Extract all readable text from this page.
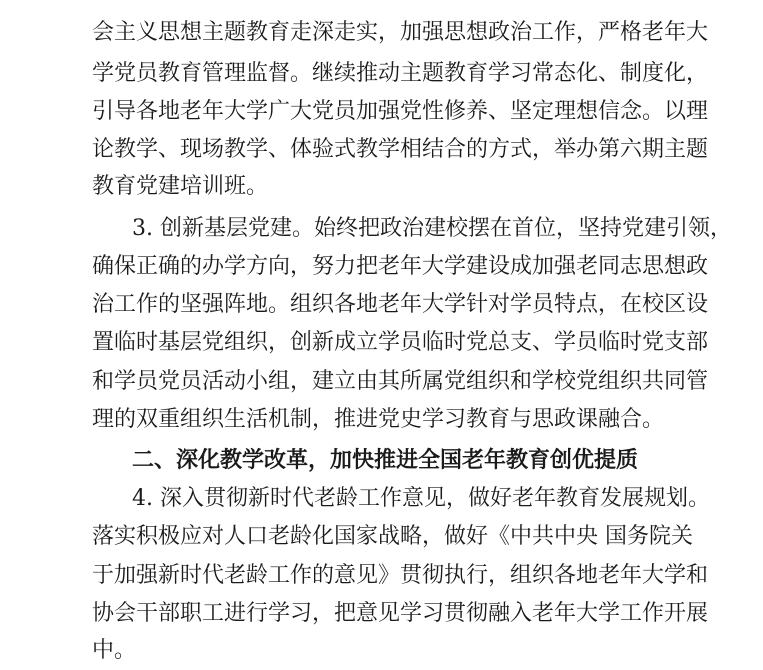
会主义思想主题教育走深走实，加强思想政治工作，严格老年大
学党员教育管理监督。继续推动主题教育学习常态化、制度化，
引导各地老年大学广大党员加强党性修养、坚定理想信念。以理
论教学、现场教学、体验式教学相结合的方式，举办第六期主题
教育党建培训班。
3. 创新基层党建。始终把政治建校摆在首位，坚持党建引领，
确保正确的办学方向，努力把老年大学建设成加强老同志思想政
治工作的坚强阵地。组织各地老年大学针对学员特点，在校区设
置临时基层党组织，创新成立学员临时党总支、学员临时党支部
和学员党员活动小组，建立由其所属党组织和学校党组织共同管
理的双重组织生活机制，推进党史学习教育与思政课融合。
二、深化教学改革，加快推进全国老年教育创优提质
4. 深入贯彻新时代老龄工作意见，做好老年教育发展规划。
落实积极应对人口老龄化国家战略，做好《中共中央 国务院关
于加强新时代老龄工作的意见》贯彻执行，组织各地老年大学和
协会干部职工进行学习，把意见学习贯彻融入老年大学工作开展
中。
